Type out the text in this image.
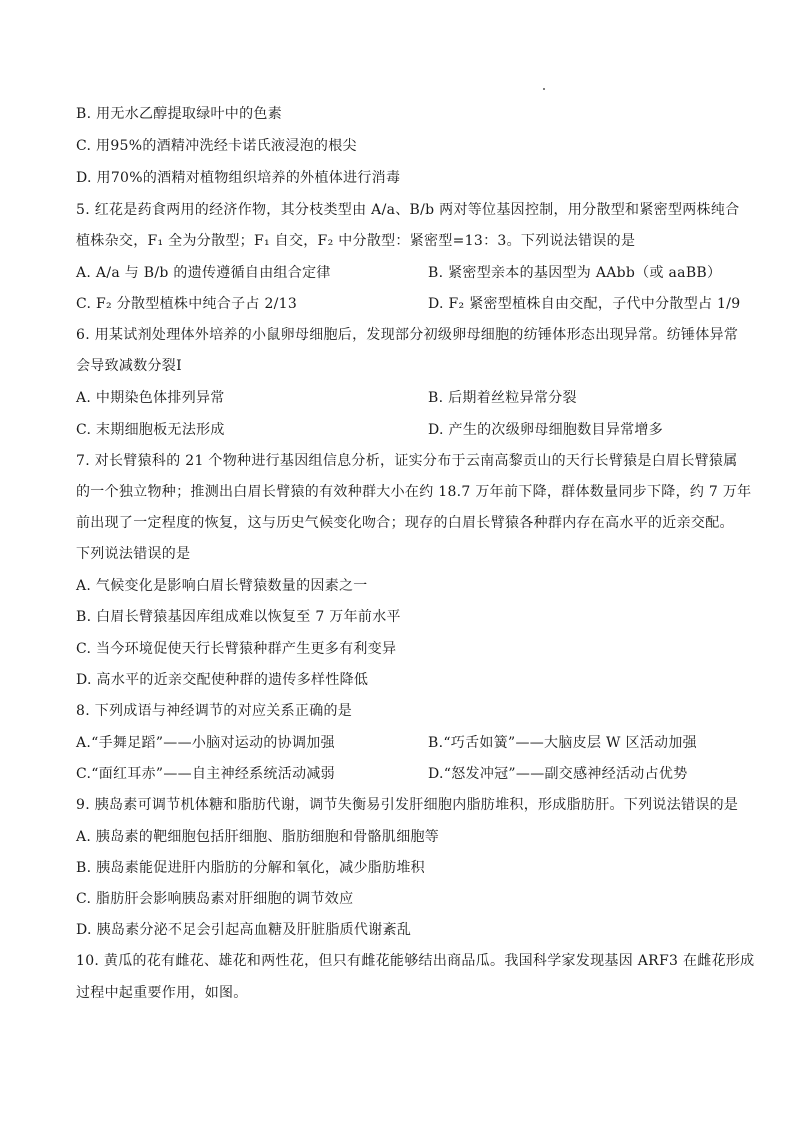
B. 用无水乙醇提取绿叶中的色素
C. 用95%的酒精冲洗经卡诺氏液浸泡的根尖
D. 用70%的酒精对植物组织培养的外植体进行消毒
5. 红花是药食两用的经济作物，其分枝类型由 A/a、B/b 两对等位基因控制，用分散型和紧密型两株纯合
植株杂交，F₁ 全为分散型；F₁ 自交，F₂ 中分散型：紧密型=13：3。下列说法错误的是
A. A/a 与 B/b 的遗传遵循自由组合定律	B. 紧密型亲本的基因型为 AAbb（或 aaBB）
C. F₂ 分散型植株中纯合子占 2/13	D. F₂ 紧密型植株自由交配，子代中分散型占 1/9
6. 用某试剂处理体外培养的小鼠卵母细胞后，发现部分初级卵母细胞的纺锤体形态出现异常。纺锤体异常
会导致减数分裂I
A. 中期染色体排列异常	B. 后期着丝粒异常分裂
C. 末期细胞板无法形成	D. 产生的次级卵母细胞数目异常增多
7. 对长臂猿科的 21 个物种进行基因组信息分析，证实分布于云南高黎贡山的天行长臂猿是白眉长臂猿属
的一个独立物种；推测出白眉长臂猿的有效种群大小在约 18.7 万年前下降，群体数量同步下降，约 7 万年
前出现了一定程度的恢复，这与历史气候变化吻合；现存的白眉长臂猿各种群内存在高水平的近亲交配。
下列说法错误的是
A. 气候变化是影响白眉长臂猿数量的因素之一
B. 白眉长臂猿基因库组成难以恢复至 7 万年前水平
C. 当今环境促使天行长臂猿种群产生更多有利变异
D. 高水平的近亲交配使种群的遗传多样性降低
8. 下列成语与神经调节的对应关系正确的是
A.“手舞足蹈”——小脑对运动的协调加强	B.“巧舌如簧”——大脑皮层 W 区活动加强
C.“面红耳赤”——自主神经系统活动减弱	D.“怒发冲冠”——副交感神经活动占优势
9. 胰岛素可调节机体糖和脂肪代谢，调节失衡易引发肝细胞内脂肪堆积，形成脂肪肝。下列说法错误的是
A. 胰岛素的靶细胞包括肝细胞、脂肪细胞和骨骼肌细胞等
B. 胰岛素能促进肝内脂肪的分解和氧化，减少脂肪堆积
C. 脂肪肝会影响胰岛素对肝细胞的调节效应
D. 胰岛素分泌不足会引起高血糖及肝脏脂质代谢紊乱
10. 黄瓜的花有雌花、雄花和两性花，但只有雌花能够结出商品瓜。我国科学家发现基因 ARF3 在雌花形成
过程中起重要作用，如图。
